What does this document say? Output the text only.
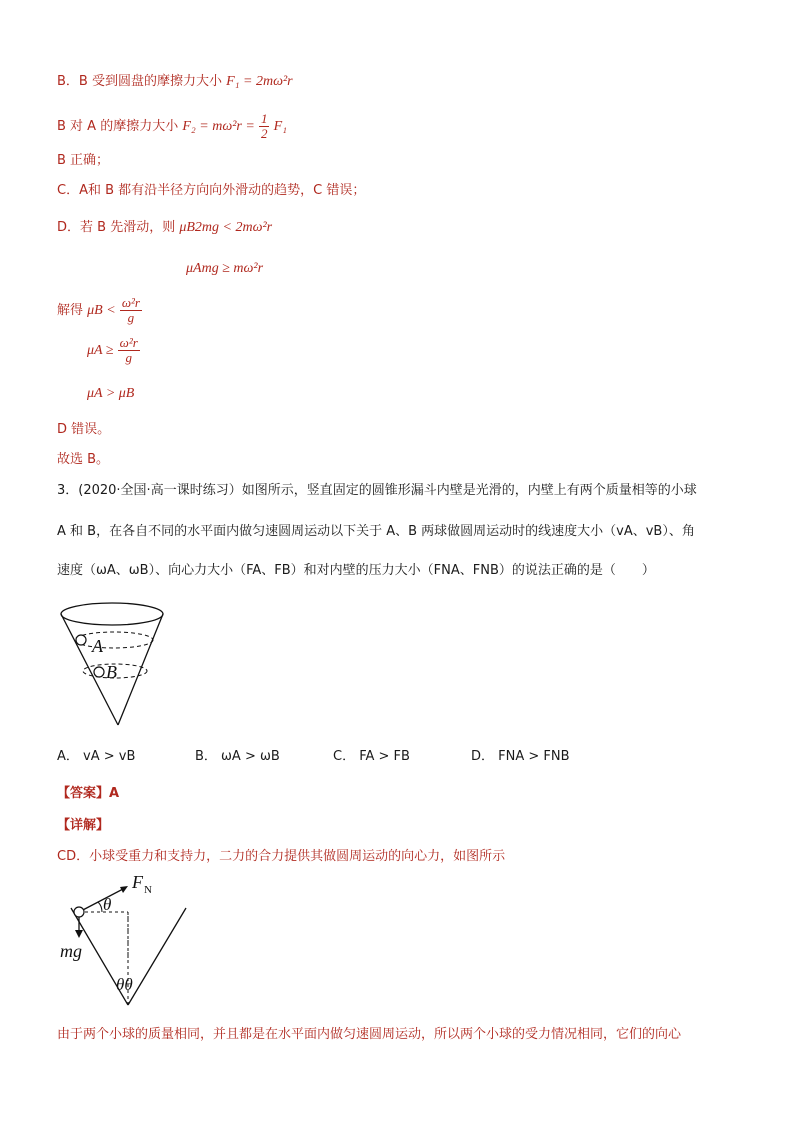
B．B 受到圆盘的摩擦力大小 F₁ = 2mω²r
B 对 A 的摩擦力大小 $F_2 = m\omega^2r = \frac{1}{2} F_1$
B 正确；
C．A和 B 都有沿半径方向向外滑动的趋势，C 错误；
D．若 B 先滑动，则 μB2mg < 2mω²r
μAmg ≥ mω²r
解得 $\mu B < \frac{\text{ω²r}}{g}$
$\mu A \ge \frac{\text{ω²r}}{g}$
μA > μB
D 错误。
故选 B。
3．(2020·全国·高一课时练习）如图所示，竖直固定的圆锥形漏斗内壁是光滑的，内壁上有两个质量相等的小球
A 和 B，在各自不同的水平面内做匀速圆周运动以下关于 A、B 两球做圆周运动时的线速度大小（vA、vB）、角
速度（ωA、ωB）、向心力大小（FA、FB）和对内壁的压力大小（FNA、FNB）的说法正确的是（　　）
A
B
A． vA > vB	B． ωA > ωB	C． FA > FB	D． FNA > FNB
【答案】A
【详解】
CD．小球受重力和支持力，二力的合力提供其做圆周运动的向心力，如图所示
θ
F N
mg
θθ
由于两个小球的质量相同，并且都是在水平面内做匀速圆周运动，所以两个小球的受力情况相同，它们的向心
